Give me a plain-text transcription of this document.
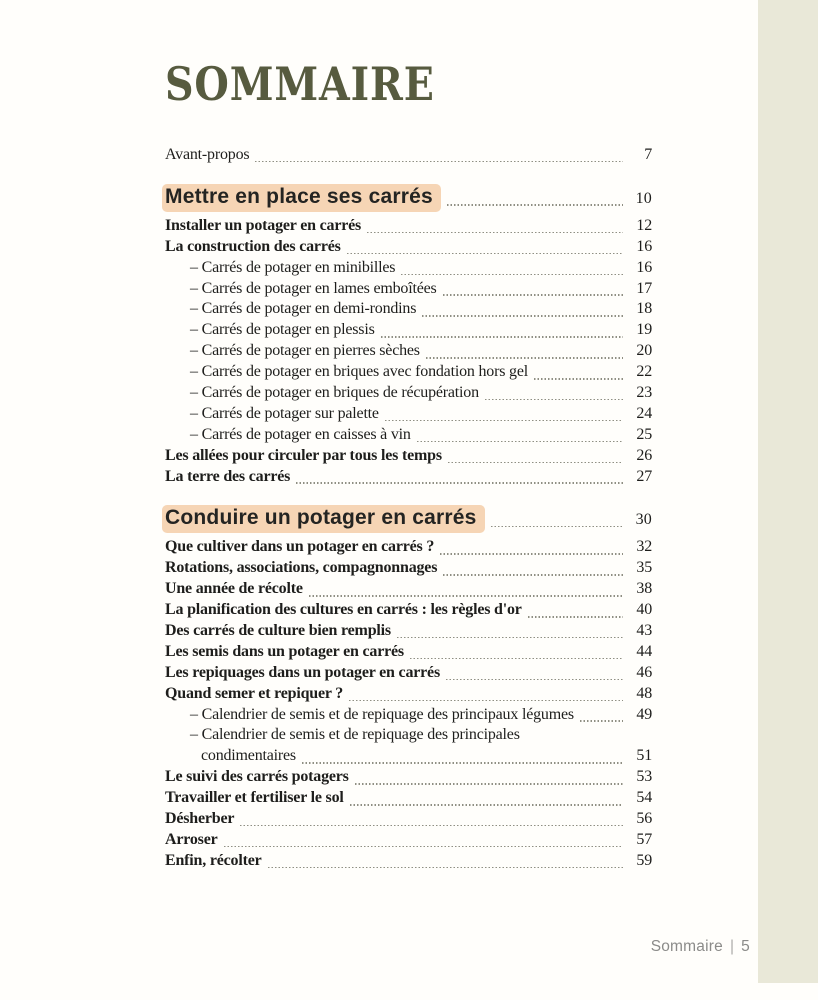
SOMMAIRE
Avant-propos	7
Mettre en place ses carrés	10
Installer un potager en carrés	12
La construction des carrés	16
– Carrés de potager en minibilles	16
– Carrés de potager en lames emboîtées	17
– Carrés de potager en demi-rondins	18
– Carrés de potager en plessis	19
– Carrés de potager en pierres sèches	20
– Carrés de potager en briques avec fondation hors gel	22
– Carrés de potager en briques de récupération	23
– Carrés de potager sur palette	24
– Carrés de potager en caisses à vin	25
Les allées pour circuler par tous les temps	26
La terre des carrés	27
Conduire un potager en carrés	30
Que cultiver dans un potager en carrés ?	32
Rotations, associations, compagnonnages	35
Une année de récolte	38
La planification des cultures en carrés : les règles d'or	40
Des carrés de culture bien remplis	43
Les semis dans un potager en carrés	44
Les repiquages dans un potager en carrés	46
Quand semer et repiquer ?	48
– Calendrier de semis et de repiquage des principaux légumes	49
– Calendrier de semis et de repiquage des principales
condimentaires	51
Le suivi des carrés potagers	53
Travailler et fertiliser le sol	54
Désherber	56
Arroser	57
Enfin, récolter	59
Sommaire | 5
